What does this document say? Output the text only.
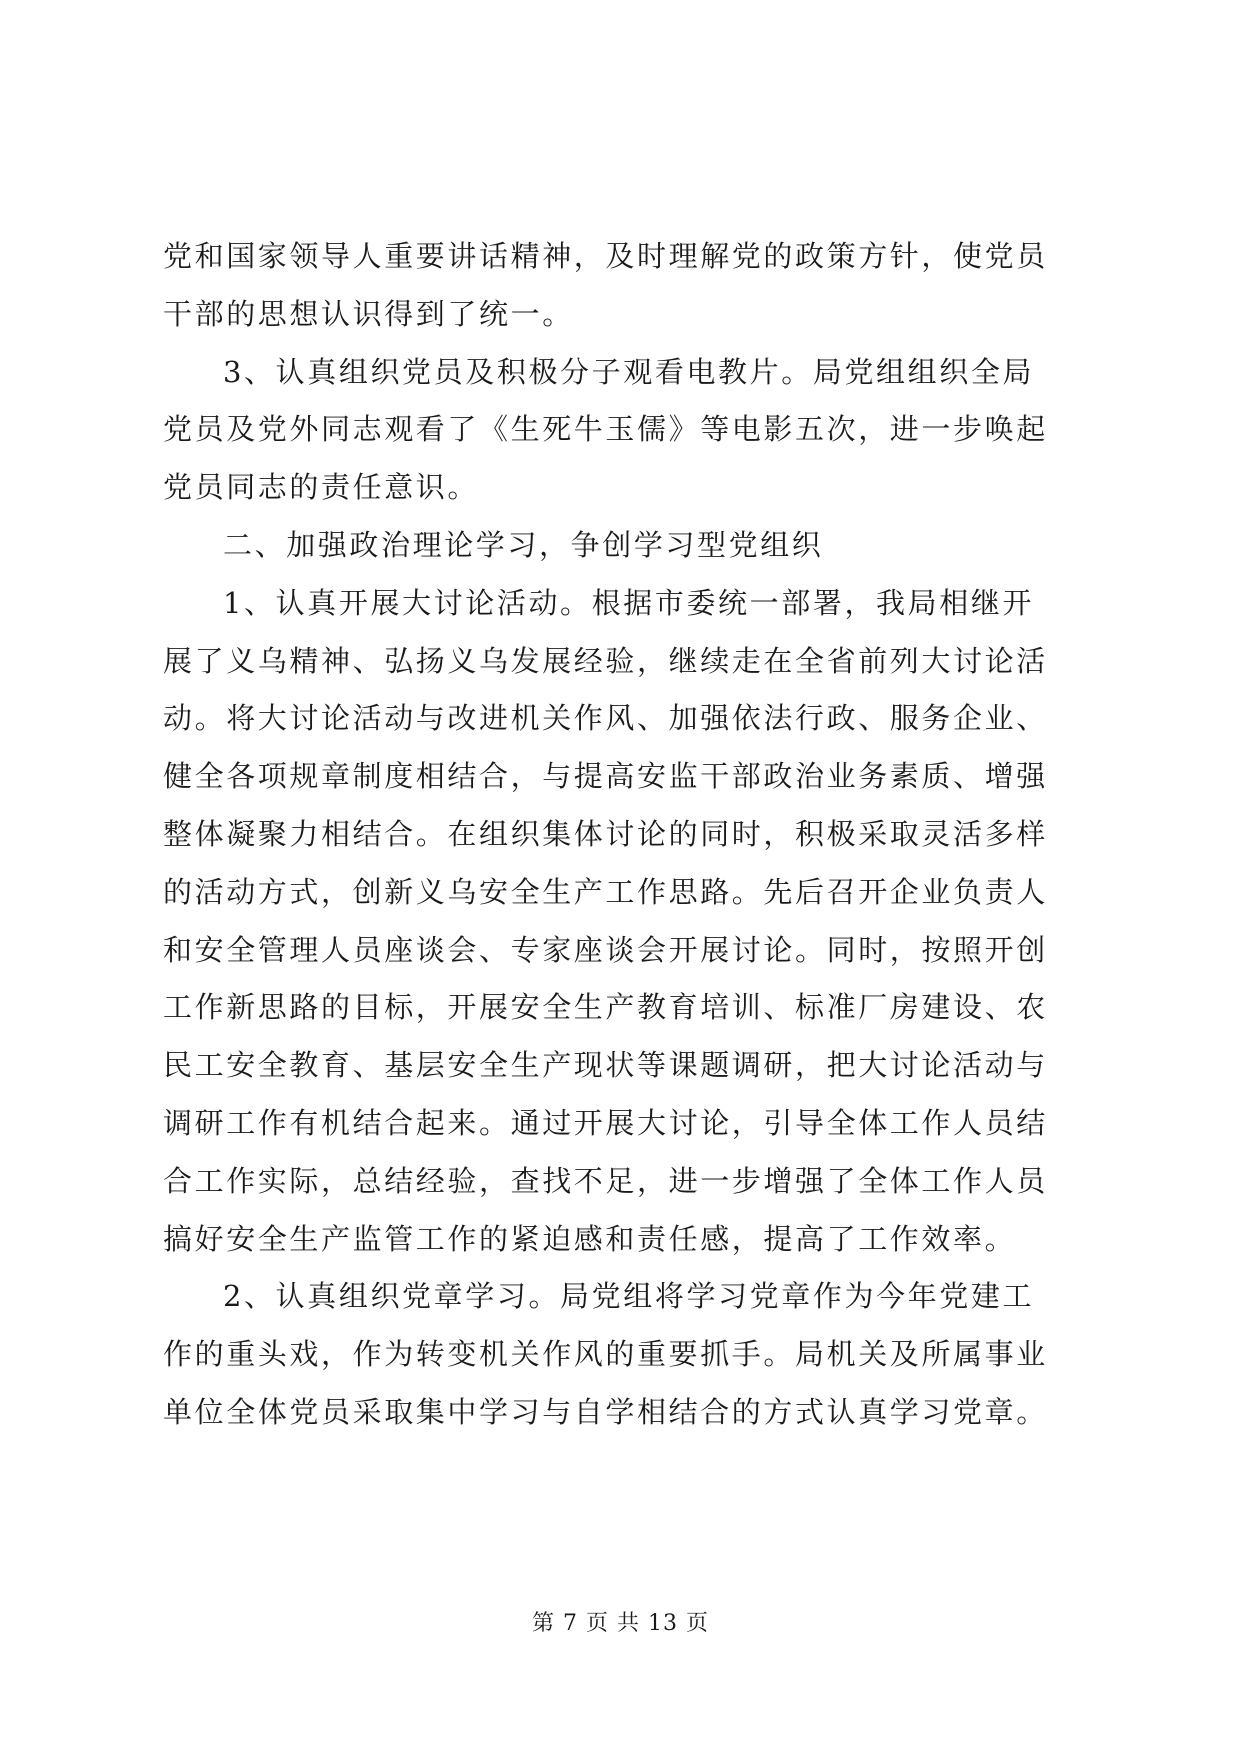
党和国家领导人重要讲话精神，及时理解党的政策方针，使党员
干部的思想认识得到了统一。
3、认真组织党员及积极分子观看电教片。局党组组织全局
党员及党外同志观看了《生死牛玉儒》等电影五次，进一步唤起
党员同志的责任意识。
二、加强政治理论学习，争创学习型党组织
1、认真开展大讨论活动。根据市委统一部署，我局相继开
展了义乌精神、弘扬义乌发展经验，继续走在全省前列大讨论活
动。将大讨论活动与改进机关作风、加强依法行政、服务企业、
健全各项规章制度相结合，与提高安监干部政治业务素质、增强
整体凝聚力相结合。在组织集体讨论的同时，积极采取灵活多样
的活动方式，创新义乌安全生产工作思路。先后召开企业负责人
和安全管理人员座谈会、专家座谈会开展讨论。同时，按照开创
工作新思路的目标，开展安全生产教育培训、标准厂房建设、农
民工安全教育、基层安全生产现状等课题调研，把大讨论活动与
调研工作有机结合起来。通过开展大讨论，引导全体工作人员结
合工作实际，总结经验，查找不足，进一步增强了全体工作人员
搞好安全生产监管工作的紧迫感和责任感，提高了工作效率。
2、认真组织党章学习。局党组将学习党章作为今年党建工
作的重头戏，作为转变机关作风的重要抓手。局机关及所属事业
单位全体党员采取集中学习与自学相结合的方式认真学习党章。
第 7 页 共 13 页
